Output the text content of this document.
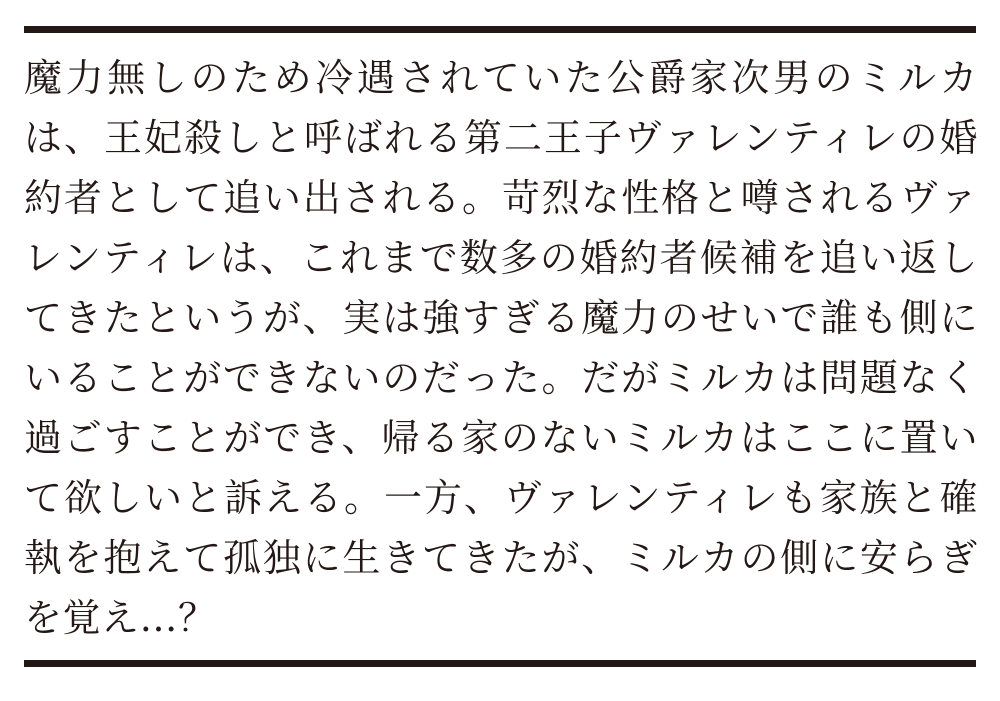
魔力無しのため冷遇されていた公爵家次男のミルカは、王妃殺しと呼ばれる第二王子ヴァレンティレの婚約者として追い出される。苛烈な性格と噂されるヴァレンティレは、これまで数多の婚約者候補を追い返してきたというが、実は強すぎる魔力のせいで誰も側にいることができないのだった。だがミルカは問題なく過ごすことができ、帰る家のないミルカはここに置いて欲しいと訴える。一方、ヴァレンティレも家族と確執を抱えて孤独に生きてきたが、ミルカの側に安らぎを覚え…？
